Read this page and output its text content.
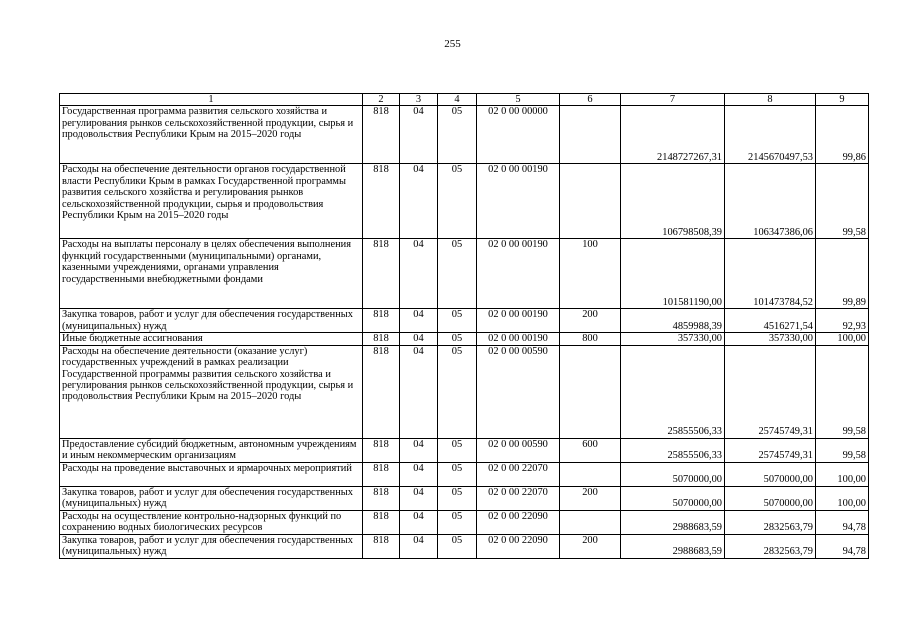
255
1	2	3	4	5	6	7	8	9
Государственная программа развития сельского хозяйства и регулирования рынков сельскохозяйственной продукции, сырья и продовольствия Республики Крым на 2015–2020 годы	818	04	05	02 0 00 00000		2148727267,31	2145670497,53	99,86
Расходы на обеспечение деятельности органов государственной власти Республики Крым в рамках Государственной программы развития сельского хозяйства и регулирования рынков сельскохозяйственной продукции, сырья и продовольствия Республики Крым на 2015–2020 годы	818	04	05	02 0 00 00190		106798508,39	106347386,06	99,58
Расходы на выплаты персоналу в целях обеспечения выполнения функций государственными (муниципальными) органами, казенными учреждениями, органами управления государственными внебюджетными фондами	818	04	05	02 0 00 00190	100	101581190,00	101473784,52	99,89
Закупка товаров, работ и услуг для обеспечения государственных (муниципальных) нужд	818	04	05	02 0 00 00190	200	4859988,39	4516271,54	92,93
Иные бюджетные ассигнования	818	04	05	02 0 00 00190	800	357330,00	357330,00	100,00
Расходы на обеспечение деятельности (оказание услуг) государственных учреждений в рамках реализации Государственной программы развития сельского хозяйства и регулирования рынков сельскохозяйственной продукции, сырья и продовольствия Республики Крым на 2015–2020 годы	818	04	05	02 0 00 00590		25855506,33	25745749,31	99,58
Предоставление субсидий бюджетным, автономным учреждениям и иным некоммерческим организациям	818	04	05	02 0 00 00590	600	25855506,33	25745749,31	99,58
Расходы на проведение выставочных и ярмарочных мероприятий	818	04	05	02 0 00 22070		5070000,00	5070000,00	100,00
Закупка товаров, работ и услуг для обеспечения государственных (муниципальных) нужд	818	04	05	02 0 00 22070	200	5070000,00	5070000,00	100,00
Расходы на осуществление контрольно-надзорных функций по сохранению водных биологических ресурсов	818	04	05	02 0 00 22090		2988683,59	2832563,79	94,78
Закупка товаров, работ и услуг для обеспечения государственных (муниципальных) нужд	818	04	05	02 0 00 22090	200	2988683,59	2832563,79	94,78
